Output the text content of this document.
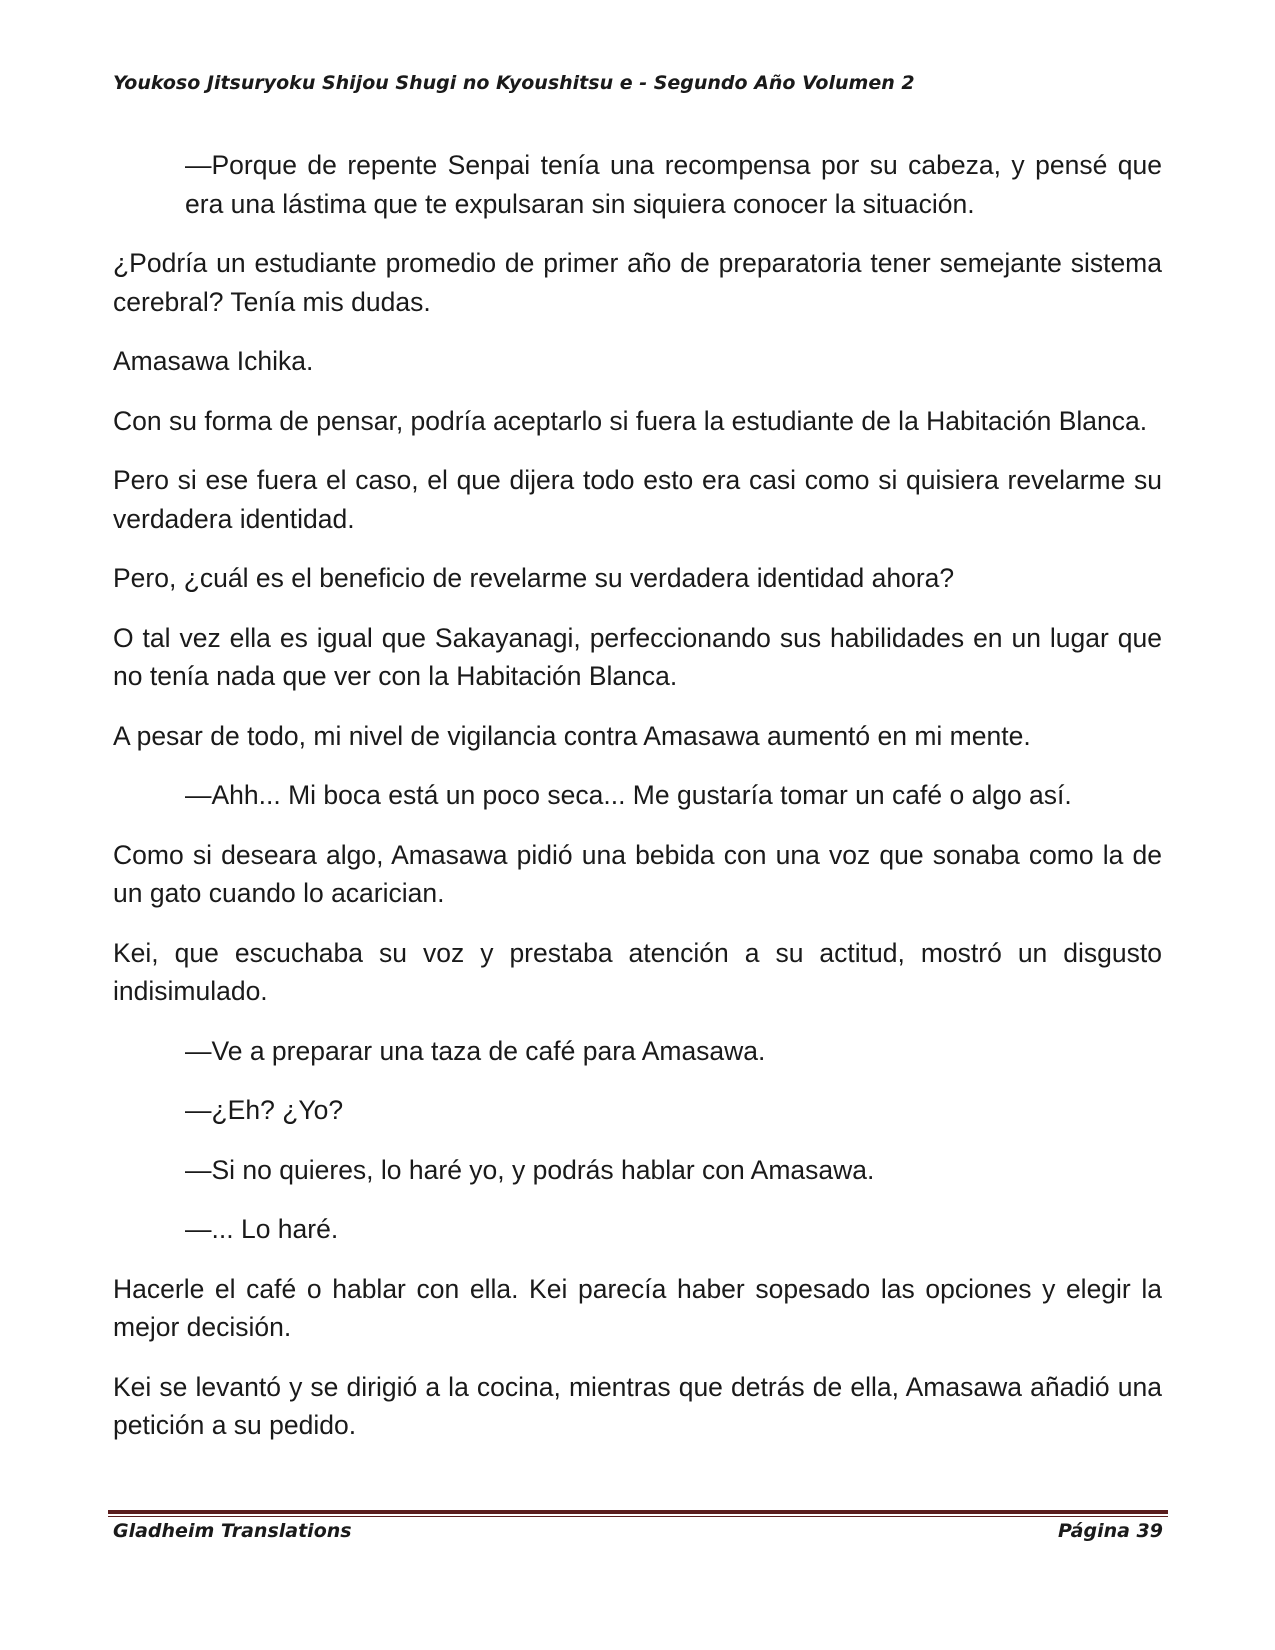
Youkoso Jitsuryoku Shijou Shugi no Kyoushitsu e - Segundo Año Volumen 2

—Porque de repente Senpai tenía una recompensa por su cabeza, y pensé que era una lástima que te expulsaran sin siquiera conocer la situación.

¿Podría un estudiante promedio de primer año de preparatoria tener semejante sistema cerebral? Tenía mis dudas.

Amasawa Ichika.

Con su forma de pensar, podría aceptarlo si fuera la estudiante de la Habitación Blanca.

Pero si ese fuera el caso, el que dijera todo esto era casi como si quisiera revelarme su verdadera identidad.

Pero, ¿cuál es el beneficio de revelarme su verdadera identidad ahora?

O tal vez ella es igual que Sakayanagi, perfeccionando sus habilidades en un lugar que no tenía nada que ver con la Habitación Blanca.

A pesar de todo, mi nivel de vigilancia contra Amasawa aumentó en mi mente.

—Ahh... Mi boca está un poco seca... Me gustaría tomar un café o algo así.

Como si deseara algo, Amasawa pidió una bebida con una voz que sonaba como la de un gato cuando lo acarician.

Kei, que escuchaba su voz y prestaba atención a su actitud, mostró un disgusto indisimulado.

—Ve a preparar una taza de café para Amasawa.

—¿Eh? ¿Yo?

—Si no quieres, lo haré yo, y podrás hablar con Amasawa.

—... Lo haré.

Hacerle el café o hablar con ella. Kei parecía haber sopesado las opciones y elegir la mejor decisión.

Kei se levantó y se dirigió a la cocina, mientras que detrás de ella, Amasawa añadió una petición a su pedido.

Gladheim Translations	Página 39
